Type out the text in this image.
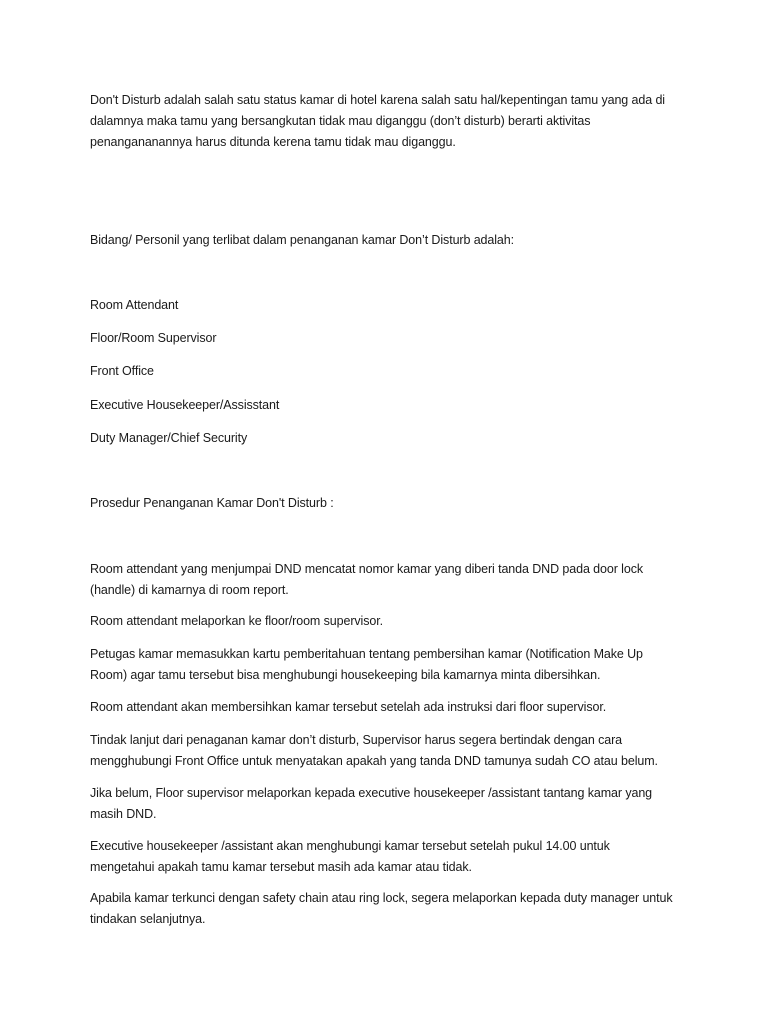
Don't Disturb adalah salah satu status kamar di hotel karena salah satu hal/kepentingan tamu yang ada di dalamnya maka tamu yang bersangkutan tidak mau diganggu (don’t disturb) berarti aktivitas penangananannya harus ditunda kerena tamu tidak mau diganggu.

Bidang/ Personil yang terlibat dalam penanganan kamar Don’t Disturb adalah:

Room Attendant

Floor/Room Supervisor

Front Office

Executive Housekeeper/Assisstant

Duty Manager/Chief Security

Prosedur Penanganan Kamar Don't Disturb :

Room attendant yang menjumpai DND mencatat nomor kamar yang diberi tanda DND pada door lock (handle) di kamarnya di room report.

Room attendant melaporkan ke floor/room supervisor.

Petugas kamar memasukkan kartu pemberitahuan tentang pembersihan kamar (Notification Make Up Room) agar tamu tersebut bisa menghubungi housekeeping bila kamarnya minta dibersihkan.

Room attendant akan membersihkan kamar tersebut setelah ada instruksi dari floor supervisor.

Tindak lanjut dari penaganan kamar don’t disturb, Supervisor harus segera bertindak dengan cara mengghubungi Front Office untuk menyatakan apakah yang tanda DND tamunya sudah CO atau belum.

Jika belum, Floor supervisor melaporkan kepada executive housekeeper /assistant tantang kamar yang masih DND.

Executive housekeeper /assistant akan menghubungi kamar tersebut setelah pukul 14.00 untuk mengetahui apakah tamu kamar tersebut masih ada kamar atau tidak.

Apabila kamar terkunci dengan safety chain atau ring lock, segera melaporkan kepada duty manager untuk tindakan selanjutnya.
